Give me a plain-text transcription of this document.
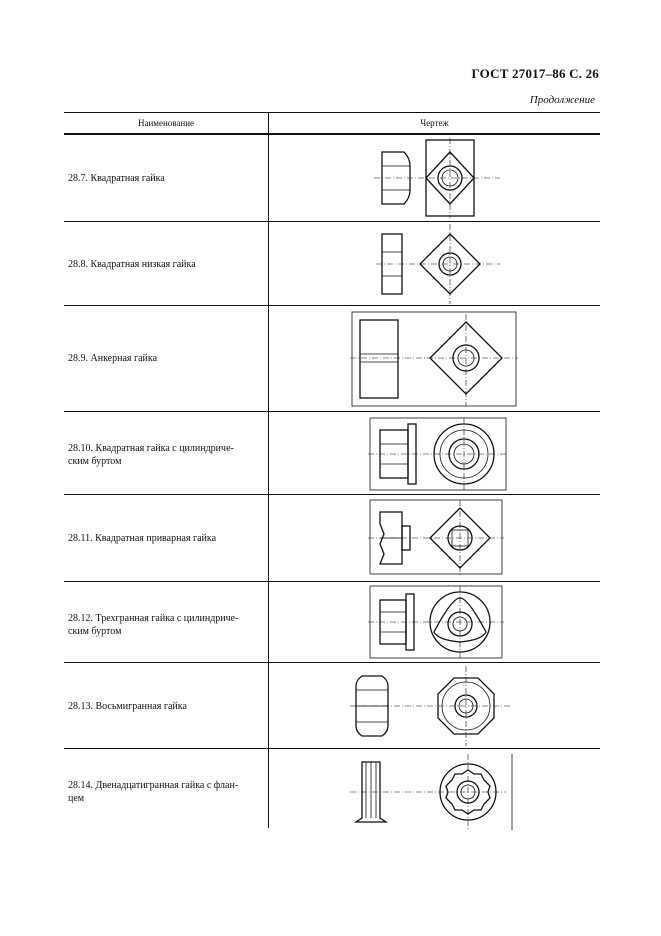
ГОСТ 27017–86 С. 26
Продолжение
Наименование	Чертеж
28.7. Квадратная гайка
28.8. Квадратная низкая гайка
28.9. Анкерная гайка
28.10. Квадратная гайка с цилиндриче-
ским буртом
28.11. Квадратная приварная гайка
28.12. Трехгранная гайка с цилиндриче-
ским буртом
28.13. Восьмигранная гайка
28.14. Двенадцатигранная гайка с флан-
цем
